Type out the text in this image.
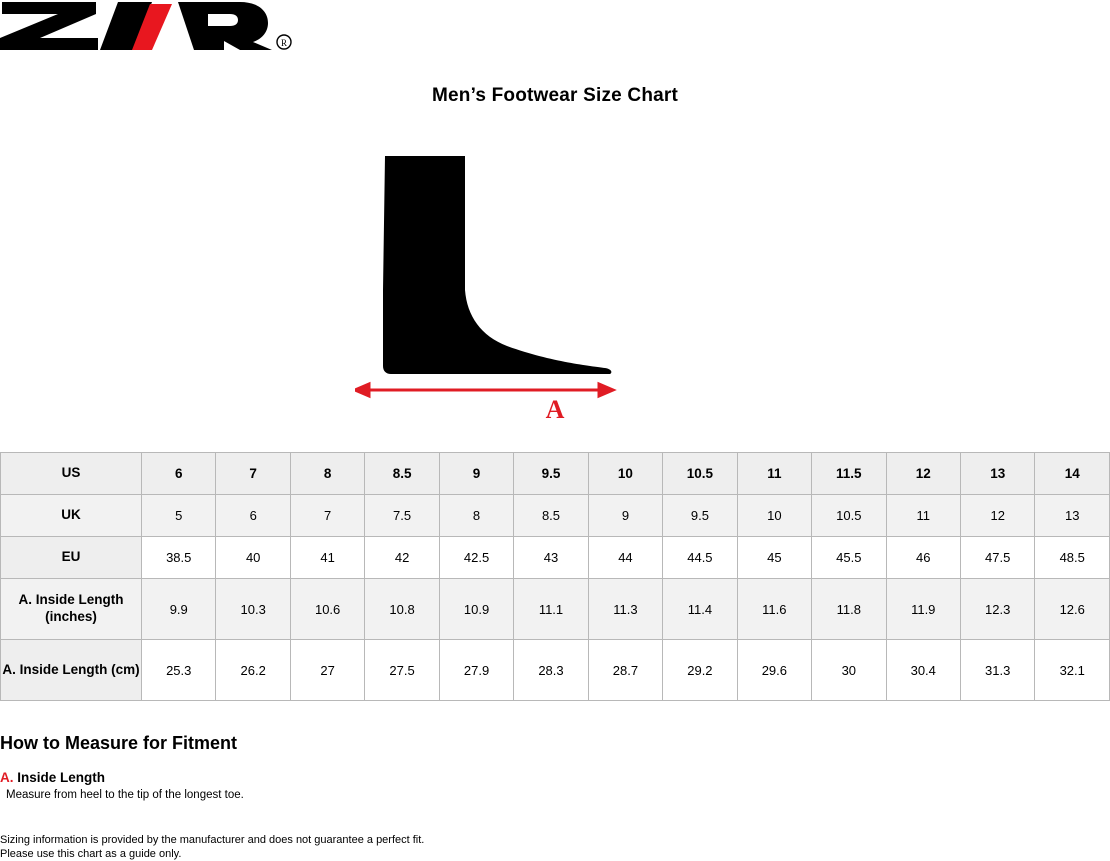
R
Men’s Footwear Size Chart
A
US	6	7	8	8.5	9	9.5	10	10.5	11	11.5	12	13	14
UK	5	6	7	7.5	8	8.5	9	9.5	10	10.5	11	12	13
EU	38.5	40	41	42	42.5	43	44	44.5	45	45.5	46	47.5	48.5
A. Inside Length (inches)	9.9	10.3	10.6	10.8	10.9	11.1	11.3	11.4	11.6	11.8	11.9	12.3	12.6
A. Inside Length (cm)	25.3	26.2	27	27.5	27.9	28.3	28.7	29.2	29.6	30	30.4	31.3	32.1
How to Measure for Fitment
A. Inside Length
Measure from heel to the tip of the longest toe.
Sizing information is provided by the manufacturer and does not guarantee a perfect fit.
Please use this chart as a guide only.
